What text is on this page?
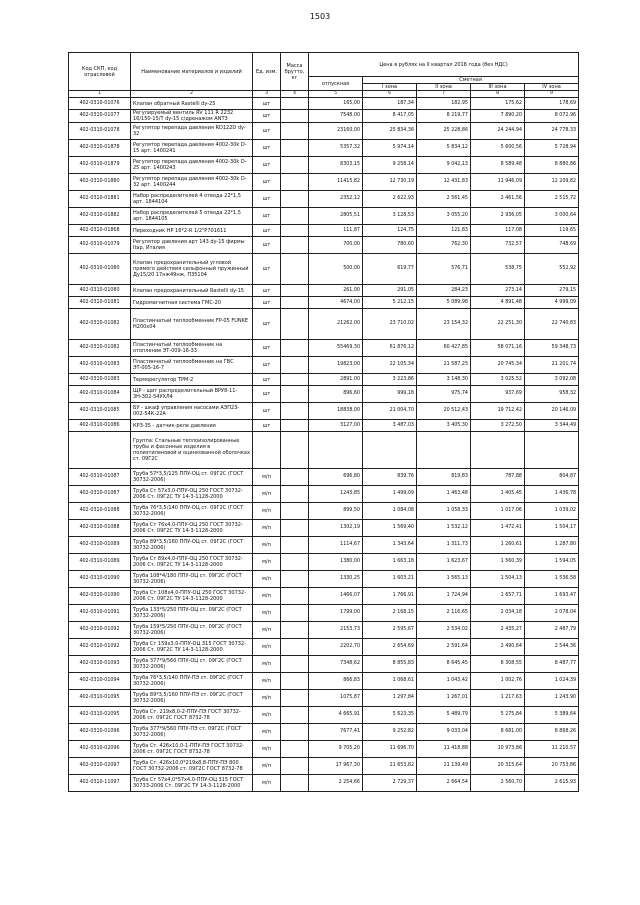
1503
Код СКП, код отраслевой	Наименование материалов и изделий	Ед. изм.	Масса брутто, кг	Цена в рублях на II квартал 2018 года (без НДС)				
				отпускная	Сметная			
					I зона	II зона	III зона	IV зона
1	2	3	4	5	6	7	8	9
402-0310-01076	Клапан обратный Rastelli dy-25	шт		165,00	187,34	182,95	175,62	178,69
402-0310-01077	Регулируемый вентиль RV 111 R 2232 16/150-15/Т dy-15 с/дренажом ANT3	шт		7548,00	8 417,05	8 219,77	7 890,20	8 072,96
402-0310-01078	Регулятор перепада давления RD122D dy-32	шт		23160,00	25 834,36	25 228,86	24 244,94	24 778,33
402-0310-01878	Регулятор перепада давления 4002-30k D-15 арт. 1400241	шт		5357,32	5 974,14	5 834,12	5 600,56	5 728,94
402-0310-01879	Регулятор перепада давления 4002-30k D-25 арт. 1400243	шт		8303,15	9 258,14	9 042,13	8 589,48	8 880,86
402-0310-01880	Регулятор перепада давления 4002-30k D-32 арт. 1400244	шт		11415,82	12 730,19	12 431,83	11 946,09	12 209,82
402-0310-01881	Набор распределителей 4 отвода 22*1,5 арт. 1844104	шт		2352,12	2 622,93	2 561,45	2 461,56	2 515,72
402-0310-01882	Набор распределителей 5 отвода 22*1,5 арт. 1844105	шт		2805,51	3 128,53	3 055,20	2 936,05	3 000,64
402-0310-01868	Переходник НР 16*2-R 1/2"P701611	шт		111,87	124,75	121,83	117,08	119,65
402-0310-01079	Регулятор давления арт 143 dy-15 фирмы Itap, Италия	шт		700,00	780,60	762,30	732,57	748,69
402-0310-01080	Клапан предохранительный угловой прямого действия сильфонный пружинный Ду15/20 17нж49нж, П35104	шт		500,00	619,77	576,71	538,75	552,92
402-0310-01080	Клапан предохранительный Rastelli dy-15	шт		261,00	291,05	284,23	273,14	279,15
402-0310-01081	Гидромагнитная система ГМС-20	шт		4674,00	5 212,15	5 089,98	4 891,48	4 999,09
402-0310-01082	Пластинчатый теплообменник FP-05 FUNKE H200x04	шт		21262,00	23 710,02	23 154,32	22 251,30	22 740,83
402-0310-01082	Пластинчатый теплообменник на отопление ЭТ-009-16-33	шт		55469,30	61 876,12	60 427,85	58 071,16	59 348,73
402-0310-01083	Пластинчатый теплообменник на ГВС ЭТ-005-16-7	шт		19823,00	22 105,34	21 587,25	20 745,34	21 201,74
402-0310-01083	Терморегулятор ТРМ-2	шт		2891,00	3 223,86	3 148,30	3 025,52	3 092,08
402-0310-01084	ЩР - щит распределительный ВРУ8-11-3Н-302-54УХЛ4	шт		896,60	999,18	975,74	937,69	958,32
402-0310-01085	БУ - шкаф управления насосами АЭП23-002-54К-22А	шт		18838,00	21 004,70	20 512,43	19 712,42	20 146,09
402-0310-01086	КРЗ-35 - датчик-реле давления	шт		3127,00	3 487,03	3 405,30	3 272,50	3 344,49
	Группа: Стальные теплоизолированные трубы и фасонные изделия в полиэтиленовой и оцинкованной оболочках ст. 09Г2С							
402-0310-01087	Труба 57*3,5/125 ППУ-ОЦ ст. 09Г2С (ГОСТ 30732-2006)	м/п		696,80	839,76	819,83	787,88	804,87
402-0310-01087	Труба Ст 57х3,0-ППУ-ОЦ 250 ГОСТ 30732-2006 Ст. 09Г2С ТУ 14-3-1128-2000	м/п		1243,85	1 499,09	1 463,48	1 405,45	1 436,78
402-0310-01088	Труба 76*3,5/140 ППУ-ОЦ ст. 09Г2С (ГОСТ 30732-2006)	м/п		899,50	1 084,08	1 058,33	1 017,06	1 039,02
402-0310-01088	Труба Ст 76х4,0-ППУ-ОЦ 250 ГОСТ 30732-2006 Ст. 09Г2С ТУ 14-3-1128-2000	м/п		1302,19	1 569,40	1 532,12	1 472,41	1 504,17
402-0310-01089	Труба 89*3,5/160 ППУ-ОЦ ст. 09Г2С (ГОСТ 30732-2006)	м/п		1114,67	1 343,64	1 311,73	1 260,61	1 287,80
402-0310-01089	Труба Ст 89х4,0-ППУ-ОЦ 250 ГОСТ 30732-2006 Ст. 09Г2С ТУ 14-3-1128-2000	м/п		1380,00	1 663,18	1 623,67	1 560,39	1 594,05
402-0310-01090	Труба 108*4/180 ППУ-ОЦ ст. 09Г2С (ГОСТ 30732-2006)	м/п		1330,25	1 603,21	1 565,13	1 504,13	1 536,58
402-0310-01090	Труба Ст 108х4,0-ППУ-ОЦ 250 ГОСТ 30732-2006 Ст. 09Г2С ТУ 14-3-1128-2000	м/п		1466,07	1 766,91	1 724,94	1 657,71	1 693,47
402-0310-01091	Труба 133*5/250 ППУ-ОЦ ст. 09Г2С (ГОСТ 30732-2006)	м/п		1799,00	2 168,15	2 116,65	2 034,18	2 078,04
402-0310-01092	Труба 159*5/250 ППУ-ОЦ ст. 09Г2С (ГОСТ 30732-2006)	м/п		2153,73	2 595,67	2 534,02	2 435,27	2 487,79
402-0310-01092	Труба Ст 159х3,0-ППУ-ОЦ 315 ГОСТ 30732-2006 Ст. 09Г2С ТУ 14-3-1128-2000	м/п		2202,70	2 654,69	2 591,64	2 490,64	2 544,36
402-0310-01093	Труба 377*9/560 ППУ-ОЦ ст. 09Г2С (ГОСТ 30732-2006)	м/п		7348,62	8 855,83	8 645,45	8 308,55	8 487,77
402-0310-01094	Труба 76*3,5/140 ППУ-ПЭ ст. 09Г2С (ГОСТ 30732-2006)	м/п		866,83	1 068,61	1 043,42	1 002,76	1 024,39
402-0310-01095	Труба 89*3,5/160 ППУ-ПЭ ст. 09Г2С (ГОСТ 30732-2006)	м/п		1075,87	1 297,84	1 267,01	1 217,63	1 243,90
402-0310-02095	Труба Ст. 219х8,0-2-ППУ-ПЭ ГОСТ 30732-2006 ст. 09Г2С ГОСТ 8732-78	м/п		4 665,91	5 623,35	5 489,79	5 275,84	5 389,64
402-0310-01096	Труба 377*9/560 ППУ-ПЭ ст. 09Г2С (ГОСТ 30732-2006)	м/п		7677,41	9 252,82	9 033,04	8 681,00	8 868,26
402-0310-02096	Труба Ст. 426х10,0-1-ППУ-ПЭ ГОСТ 30732-2006 ст. 09Г2С ГОСТ 8732-78	м/п		9 705,20	11 696,70	11 418,88	10 973,86	11 210,57
402-0310-02097	Труба Ст. 426х10,0*219х8,8-ППУ-ПЭ 800 ГОСТ 30732-2006 ст. 09Г2С ГОСТ 8732-78	м/п		17 967,30	21 653,82	21 139,49	20 315,64	20 753,86
402-0310-11097	Труба Ст 57х4,0*57х4,0-ППУ-ОЦ 315 ГОСТ 30733-2006 Ст. 09Г2С ТУ 14-3-1128-2000	м/п		2 254,66	2 729,37	2 664,54	2 560,70	2 615,93
